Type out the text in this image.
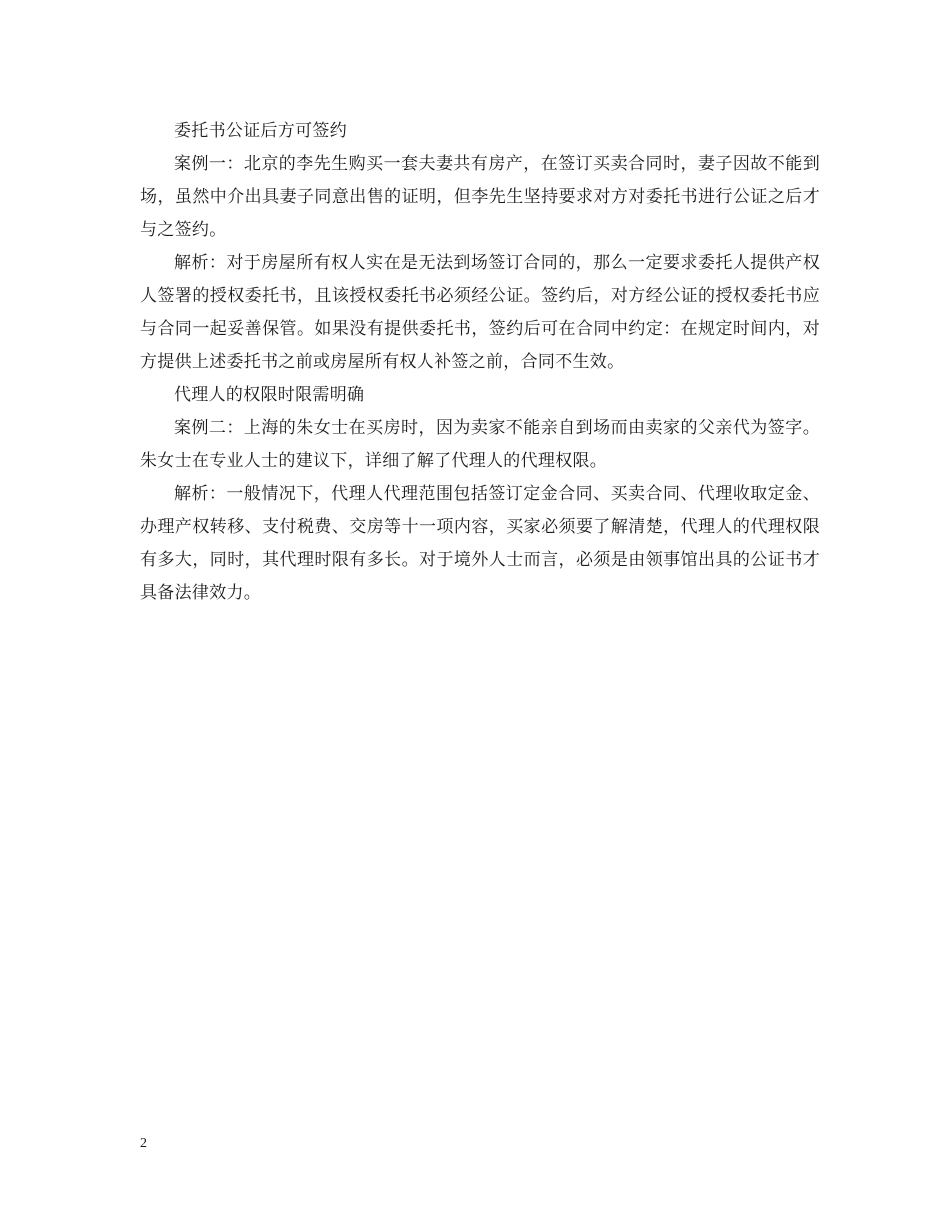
委托书公证后方可签约

案例一：北京的李先生购买一套夫妻共有房产，在签订买卖合同时，妻子因故不能到场，虽然中介出具妻子同意出售的证明，但李先生坚持要求对方对委托书进行公证之后才与之签约。

解析：对于房屋所有权人实在是无法到场签订合同的，那么一定要求委托人提供产权人签署的授权委托书，且该授权委托书必须经公证。签约后，对方经公证的授权委托书应与合同一起妥善保管。如果没有提供委托书，签约后可在合同中约定：在规定时间内，对方提供上述委托书之前或房屋所有权人补签之前，合同不生效。

代理人的权限时限需明确

案例二：上海的朱女士在买房时，因为卖家不能亲自到场而由卖家的父亲代为签字。朱女士在专业人士的建议下，详细了解了代理人的代理权限。

解析：一般情况下，代理人代理范围包括签订定金合同、买卖合同、代理收取定金、办理产权转移、支付税费、交房等十一项内容，买家必须要了解清楚，代理人的代理权限有多大，同时，其代理时限有多长。对于境外人士而言，必须是由领事馆出具的公证书才具备法律效力。

2
